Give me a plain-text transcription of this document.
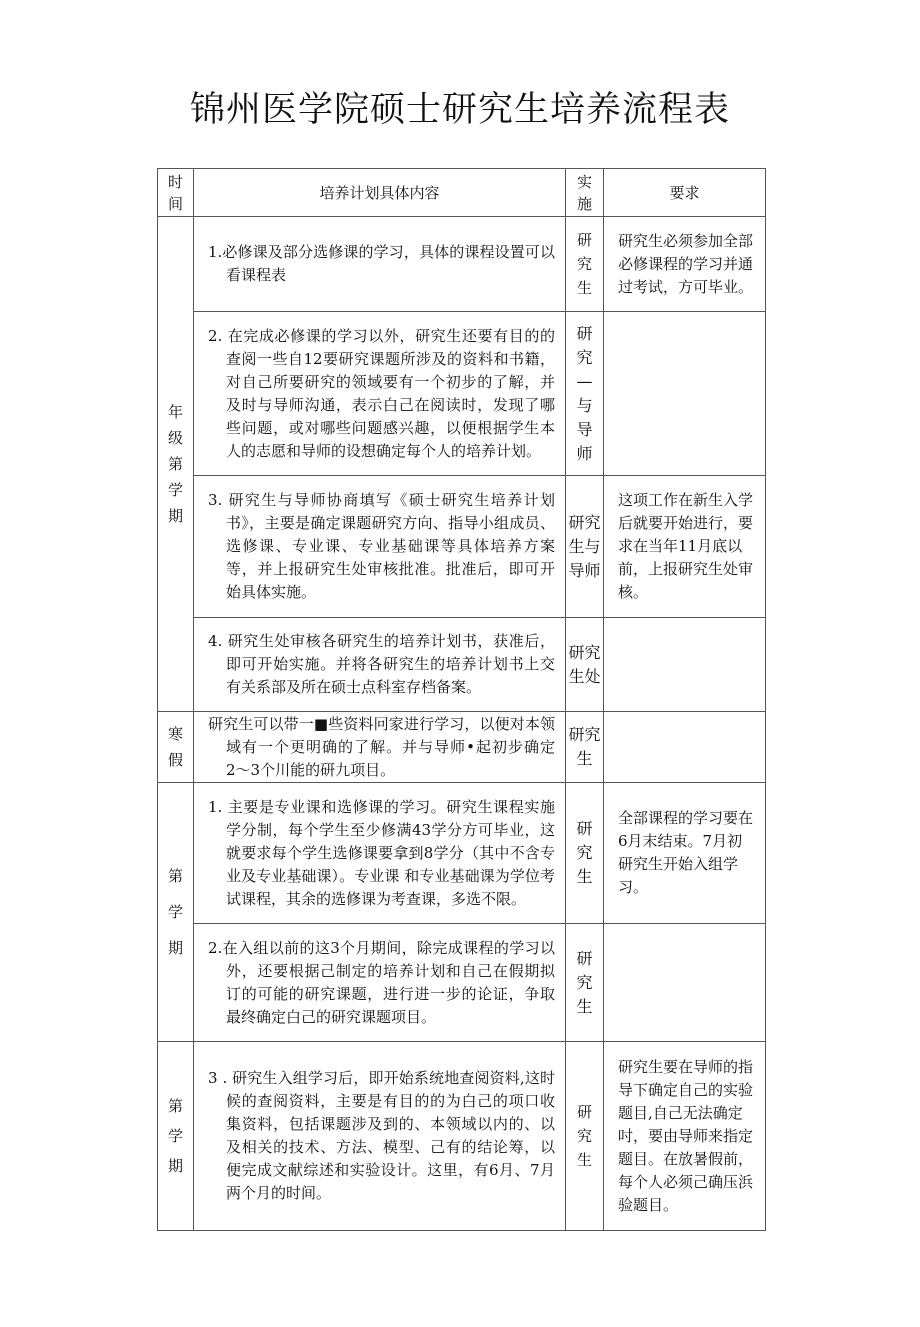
锦州医学院硕士研究生培养流程表
时间	培养计划具体内容	实施	要求
年级第 学期	1.必修课及部分选修课的学习，具体的课程设置可以看课程表	研究生	研究生必须参加全部必修课程的学习并通过考试，方可毕业。
	2. 在完成必修课的学习以外，研究生还要有目的的查阅一些自12要研究课题所涉及的资料和书籍，对自己所要研究的领域要有一个初步的了解，并及时与导师沟通，表示白己在阅读时，发现了哪些问题，或对哪些问题感兴趣，以便根据学生本人的志愿和导师的设想确定每个人的培养计划。	研究—与导师	
	3. 研究生与导师协商填写《硕士研究生培养计划书》，主要是确定课题研究方向、指导小组成员、选修课、专业课、专业基础课等具体培养方案等，并上报研究生处审核批准。批准后，即可开始具体实施。	研究生与导师	这项工作在新生入学后就要开始进行，要求在当年11月底以前，上报研究生处审核。
	4. 研究生处审核各研究生的培养计划书，获准后，即可开始实施。并将各研究生的培养计划书上交有关系部及所在硕士点科室存档备案。	研究生处	
寒假	研究生可以带一■些资料冋家进行学习，以便对本领域有一个更明确的了解。并与导师•起初步确定2〜3个川能的研九项目。	研究生	
第 学 期	1. 主要是专业课和选修课的学习。研究生课程实施学分制，每个学生至少修满43学分方可毕业，这就要求每个学生选修课要拿到8学分（其中不含专业及专业基础课）。专业课 和专业基础课为学位考试课程，其余的选修课为考查课，多选不限。	研究生	全部课程的学习要在6月末结束。7月初研究生开始入组学习。
	2.在入组以前的这3个月期间，除完成课程的学习以外，还要根据己制定的培养计划和自己在假期拟订的可能的研究课题，进行进一步的论证，争取最终确定白己的研究课题项目。	研究生	
第 学 期	3 . 研究生入组学习后，即开始系统地查阅资料,这时候的查阅资料，主要是有目的的为白己的项口收集资料，包括课题涉及到的、本领域以内的、以及相关的技术、方法、模型、己有的结论筹，以便完成文献综述和实验设计。这里，有6月、7月两个月的时间。	研究生	研究生要在导师的指导下确定自己的实验题目,自己无法确定吋，要由导师来指定题目。在放暑假前，每个人必须己确压浜验题目。
